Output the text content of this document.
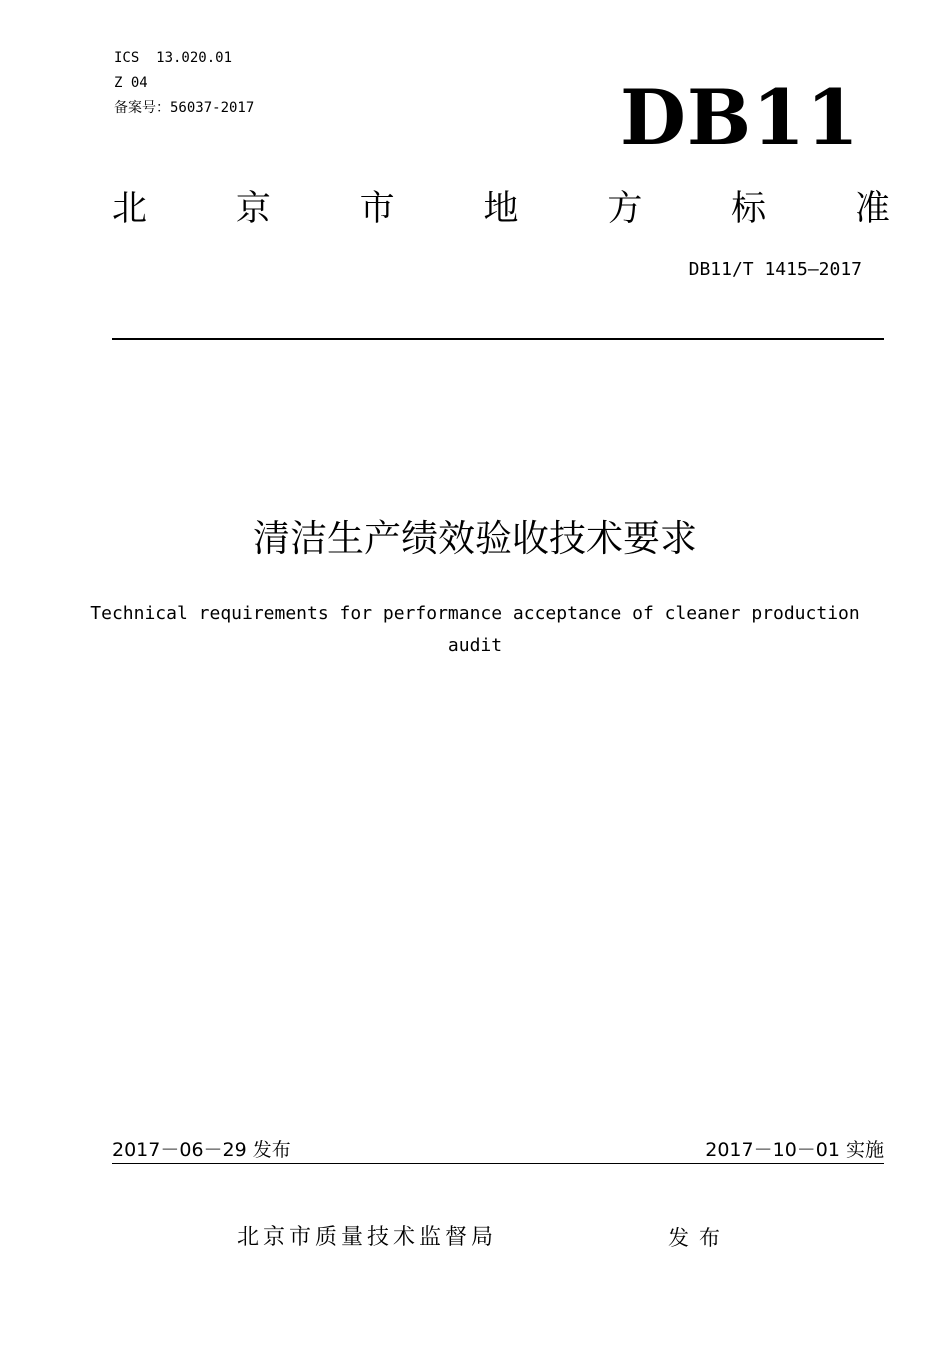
ICS  13.020.01
Z 04
备案号：56037-2017	DB11
北	京	市	地	方	标	准
DB11/T 1415—2017
清洁生产绩效验收技术要求
Technical requirements for performance acceptance of cleaner production audit
2017－06－29 发布	2017－10－01 实施
北京市质量技术监督局	发布
